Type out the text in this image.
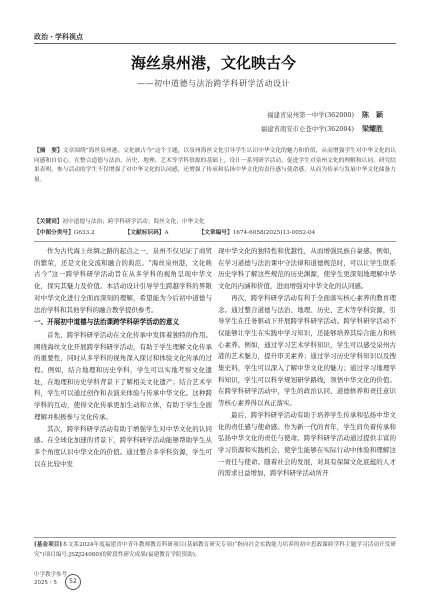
政治・学科视点
海丝泉州港，文化映古今
——初中道德与法治跨学科研学活动设计
福建省泉州第一中学(362000) 陈　颖
福建省南安市仑苍中学(362004) 梁耀胜
【摘　要】文章围绕“海丝泉州港，文化映古今”这个主题，以泉州海丝文化引导学生认识中华文化的魅力和价值，从而增强学生对中华文化的认同感和自信心。在整合道德与法治、历史、地理、艺术等学科资源的基础上，设计一系列研学活动，促进学生对泉州文化的理解和认同。研究结果表明，参与活动的学生不仅增强了对中华文化的认同感，还增强了传承和弘扬中华文化的责任感与使命感，从而为传承与发展中华文化储备力量。
【关键词】初中道德与法治；跨学科研学活动；海丝文化；中华文化
【中图分类号】G633.2	【文献标识码】A	【文章编号】1674-6058(2025)13-0052-04

作为古代海上丝绸之路的起点之一，泉州不仅见证了商贸的繁荣，还是文化交流和融合的典范。“海丝泉州港，文化映古今”这一跨学科研学活动旨在从多学科的视角呈现中华文化，探究其魅力及价值。本活动设计引导学生跨越学科的界限对中华文化进行全面而深刻的理解，希望能为今后初中道德与法治学科和其他学科的融合教学提供参考。

一、开展初中道德与法治课跨学科研学活动的意义

首先，跨学科研学活动在文化传承中发挥着独特的作用。围绕海丝文化开展跨学科研学活动，有助于学生理解文化传承的重要性，同时从多学科的视角深入探讨和体验文化传承的过程。例如，结合地理和历史学科，学生可以实地考察文化遗址，在地理和历史学科背景下了解相关文化遗产；结合艺术学科，学生可以通过创作和表演来体验与传承中华文化。这种跨学科的互动，使得文化传承更加生动和立体，有助于学生全面理解并积极参与文化传承。

其次，跨学科研学活动有助于增强学生对中华文化的认同感。在全球化加速的背景下，跨学科研学活动能够帮助学生从多个角度认识中华文化的价值。通过整合多学科资源，学生可以在比较中发

现中华文化的独特性和优越性，从而增强民族自豪感。例如，在学习道德与法治课中守法律和道德规范时，可以让学生联系历史学科了解这些规范的历史渊源，使学生更深刻地理解中华文化的内涵和价值，进而增强对中华文化的认同感。

再次，跨学科研学活动有利于全面落实核心素养的教育理念。通过整合道德与法治、地理、历史、艺术等学科资源，引导学生在任务驱动下开展跨学科研学活动。跨学科研学活动不仅能够让学生在实践中学习知识，还能够培养其综合能力和核心素养。例如，通过学习艺术学科知识，学生可以感受泉州古港的艺术魅力，提升审美素养；通过学习历史学科知识以及搜集史料，学生可以深入了解中华文化的魅力；通过学习地理学科知识，学生可以科学规划研学路线，领悟中华文化的价值。在跨学科研学活动中，学生的政治认同、道德修养和责任意识等核心素养得以真正落实。

最后，跨学科研学活动有助于培养学生传承和弘扬中华文化的责任感与使命感。作为新一代的青年，学生肩负着传承和弘扬中华文化的责任与使命。跨学科研学活动通过提供丰富的学习资源和实践机会，使学生能够在实际行动中体验和理解这一责任与使命。随着社会的发展，对具有保障文化底蕴的人才的需求日益增加，跨学科研学活动所开

[基金项目]本文系2024年度福建省中青年教师教育科研项目(基础教育研究专项)“指向社会实践能力培养的初中思政课跨学科主题学习活动开发研究”(项目编号:JSZJ24080)的阶段性研究成果(福建教育学院资助)。
中学教学参考
2025・5	52
